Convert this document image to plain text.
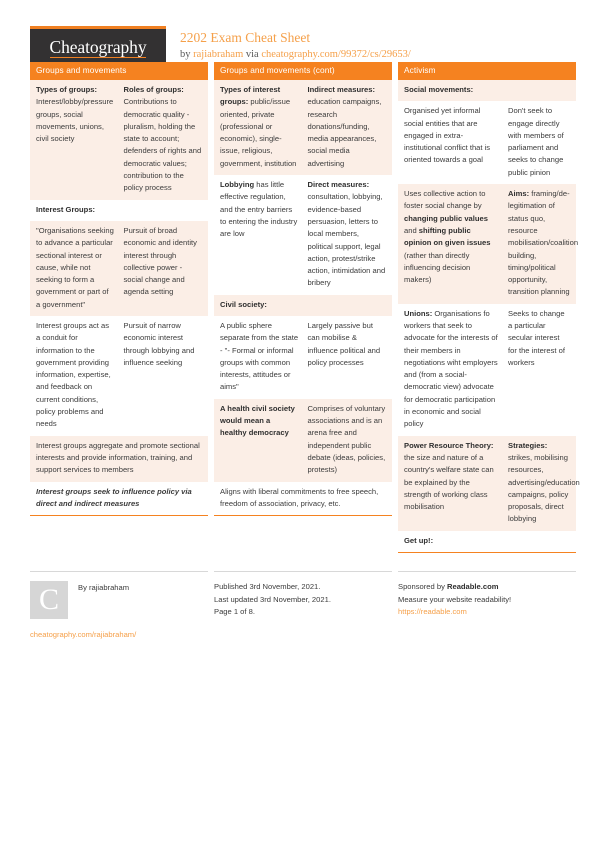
Cheatography 2202 Exam Cheat Sheet
by rajiabraham via cheatography.com/99372/cs/29653/
Groups and movements
Types of groups: Interest/lobby/pressure groups, social movements, unions, civil society
Roles of groups: Contributions to democratic quality - pluralism, holding the state to account; defenders of rights and democratic values; contribution to the policy process
Interest Groups:
"Organisations seeking to advance a particular sectional interest or cause, while not seeking to form a government or part of a government"
Pursuit of broad economic and identity interest through collective power - social change and agenda setting
Interest groups act as a conduit for information to the government providing information, expertise, and feedback on current conditions, policy problems and needs
Pursuit of narrow economic interest through lobbying and influence seeking
Interest groups aggregate and promote sectional interests and provide information, training, and support services to members
Interest groups seek to influence policy via direct and indirect measures
Groups and movements (cont)
Types of interest groups: public/issue oriented, private (professional or economic), single-issue, religious, government, institution
Indirect measures: education campaigns, research donations/funding, media appearances, social media advertising
Lobbying has little effective regulation, and the entry barriers to entering the industry are low
Direct measures: consultation, lobbying, evidence-based persuasion, letters to local members, political support, legal action, protest/strike action, intimidation and bribery
Civil society:
A public sphere separate from the state - "- Formal or informal groups with common interests, attitudes or aims"
Largely passive but can mobilise & influence political and policy processes
A health civil society would mean a healthy democracy
Comprises of voluntary associations and is an arena free and independent public debate (ideas, policies, protests)
Aligns with liberal commitments to free speech, freedom of association, privacy, etc.
Activism
Social movements:
Organised yet informal social entities that are engaged in extra-institutional conflict that is oriented towards a goal
Don't seek to engage directly with members of parliament and seeks to change public pinion
Uses collective action to foster social change by changing public values and shifting public opinion on given issues (rather than directly influencing decision makers)
Aims: framing/de-legitimation of status quo, resource mobilisation/coalition building, timing/political opportunity, transition planning
Unions: Organisations fo workers that seek to advocate for the interests of their members in negotiations wiht employers and (from a social-democratic view) advocate for democratic participation in economic and social policy
Seeks to change a particular secular interest for the interest of workers
Power Resource Theory: the size and nature of a country's welfare state can be explained by the strength of working class mobilisation
Strategies: strikes, mobilising resources, advertising/education campaigns, policy proposals, direct lobbying
Get up!:
C	By rajiabraham
cheatography.com/rajiabraham/
Published 3rd November, 2021.
Last updated 3rd November, 2021.
Page 1 of 8.
Sponsored by Readable.com
Measure your website readability!
https://readable.com
